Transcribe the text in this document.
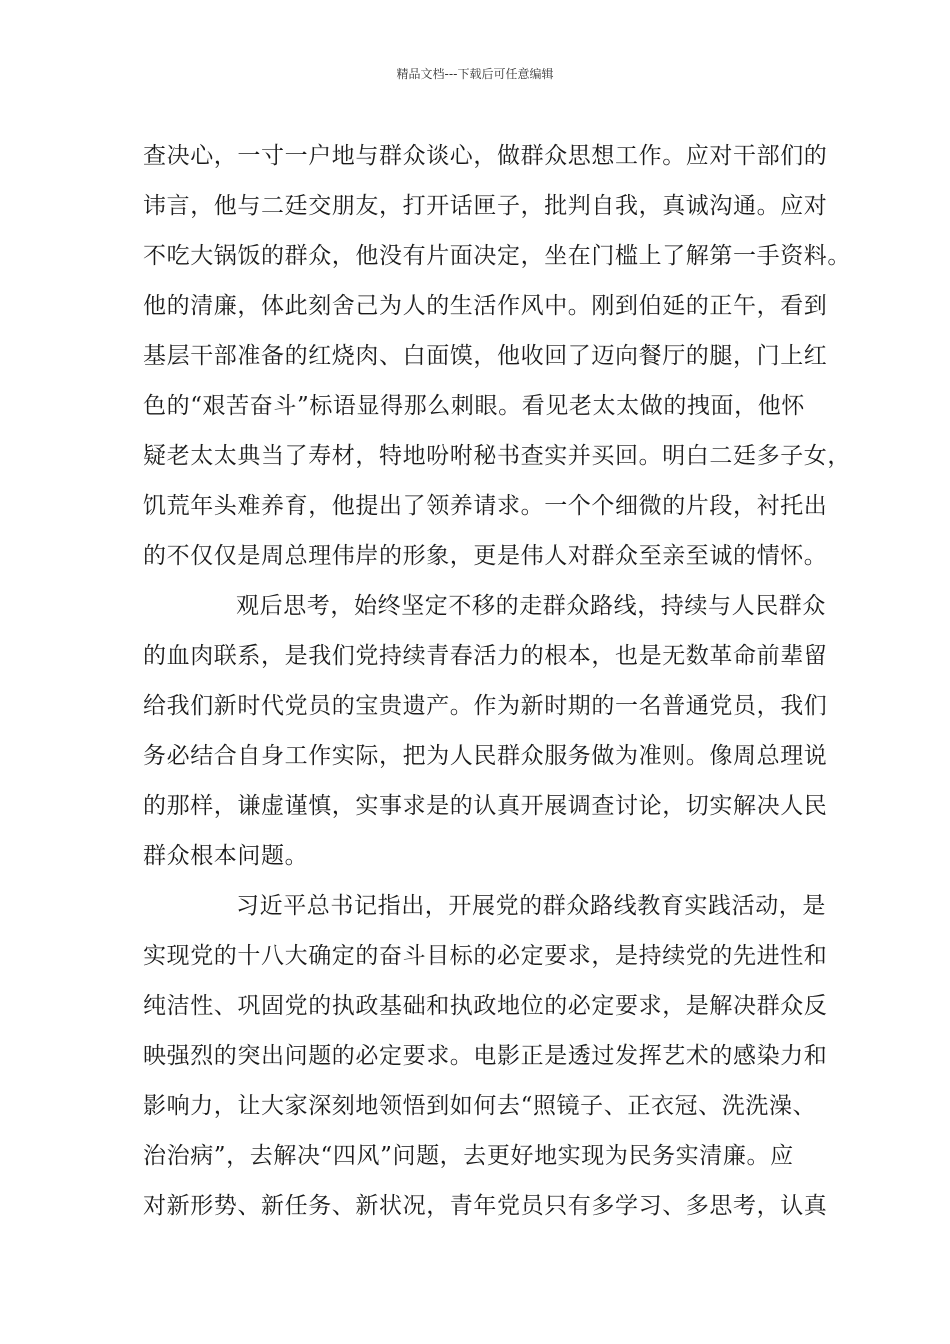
精品文档---下载后可任意编辑
查决心，一寸一户地与群众谈心，做群众思想工作。应对干部们的
讳言，他与二廷交朋友，打开话匣子，批判自我，真诚沟通。应对
不吃大锅饭的群众，他没有片面决定，坐在门槛上了解第一手资料。
他的清廉，体此刻舍己为人的生活作风中。刚到伯延的正午，看到
基层干部准备的红烧肉、白面馍，他收回了迈向餐厅的腿，门上红
色的“艰苦奋斗”标语显得那么刺眼。看见老太太做的拽面，他怀
疑老太太典当了寿材，特地吩咐秘书查实并买回。明白二廷多子女，
饥荒年头难养育，他提出了领养请求。一个个细微的片段，衬托出
的不仅仅是周总理伟岸的形象，更是伟人对群众至亲至诚的情怀。
观后思考，始终坚定不移的走群众路线，持续与人民群众
的血肉联系，是我们党持续青春活力的根本，也是无数革命前辈留
给我们新时代党员的宝贵遗产。作为新时期的一名普通党员，我们
务必结合自身工作实际，把为人民群众服务做为准则。像周总理说
的那样，谦虚谨慎，实事求是的认真开展调查讨论，切实解决人民
群众根本问题。
习近平总书记指出，开展党的群众路线教育实践活动，是
实现党的十八大确定的奋斗目标的必定要求，是持续党的先进性和
纯洁性、巩固党的执政基础和执政地位的必定要求，是解决群众反
映强烈的突出问题的必定要求。电影正是透过发挥艺术的感染力和
影响力，让大家深刻地领悟到如何去“照镜子、正衣冠、洗洗澡、
治治病”，去解决“四风”问题，去更好地实现为民务实清廉。应
对新形势、新任务、新状况，青年党员只有多学习、多思考，认真
